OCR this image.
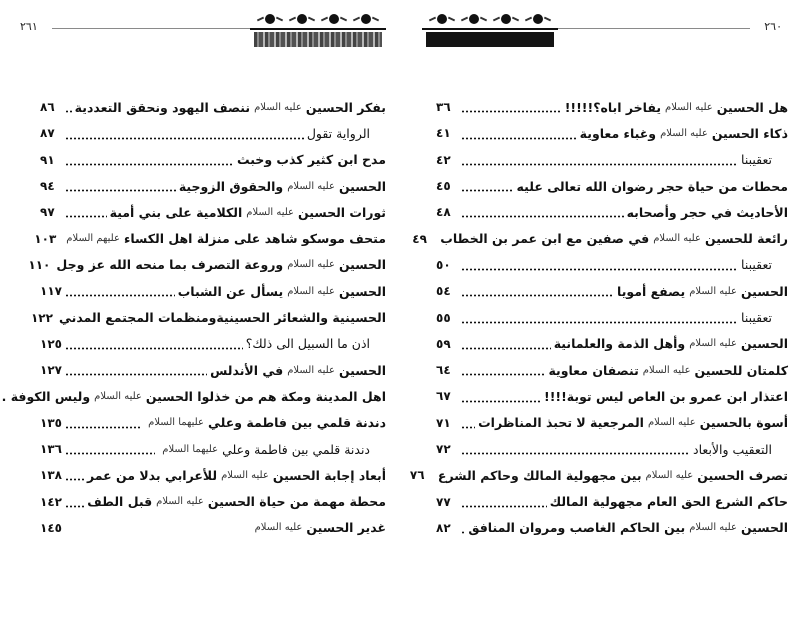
٢٦١
بفكر الحسينعليه السلامننصف اليهود ونحقق التعددية
٨٦
الرواية تقول
٨٧
مدح ابن كثير كذب وخبث
٩١
الحسينعليه السلاموالحقوق الزوجية
٩٤
ثورات الحسينعليه السلامالكلامية على بني أمية
٩٧
متحف موسكو شاهد على منزلة اهل الكساءعليهم السلام
١٠٣
الحسينعليه السلاموروعة التصرف بما منحه الله عز وجل
١١٠
الحسينعليه السلاميسأل عن الشباب
١١٧
الحسينية والشعائر الحسينيةومنظمات المجتمع المدني
١٢٢
اذن ما السبيل الى ذلك؟
١٢٥
الحسينعليه السلامفي الأندلس
١٢٧
اهل المدينة ومكة هم من خذلوا الحسينعليه السلاموليس الكوفة .
دندنة قلمي بين فاطمة وعليعليهما السلام
١٣٥
دندنة قلمي بين فاطمة وعليعليهما السلام
١٣٦
أبعاد إجابة الحسينعليه السلامللأعرابي بدلا من عمر
١٣٨
محطة مهمة من حياة الحسينعليه السلامقبل الطف
١٤٢
غدير الحسينعليه السلام
١٤٥
٢٦٠
هل الحسينعليه السلاميفاخر اباه؟!!!!!
٣٦
ذكاء الحسينعليه السلاموغباء معاوية
٤١
تعقيبنا
٤٢
محطات من حياة حجر رضوان الله تعالى عليه
٤٥
الأحاديث في حجر وأصحابه
٤٨
رائعة للحسينعليه السلامفي صفين مع ابن عمر بن الخطاب
٤٩
تعقيبنا
٥٠
الحسينعليه السلاميصفع أمويا
٥٤
تعقيبنا
٥٥
الحسينعليه السلاموأهل الذمة والعلمانية
٥٩
كلمتان للحسينعليه السلامتنصفان معاوية
٦٤
اعتذار ابن عمرو بن العاص ليس توبة!!!!
٦٧
أسوة بالحسينعليه السلامالمرجعية لا تحبذ المناظرات
٧١
التعقيب والأبعاد
٧٢
تصرف الحسينعليه السلامبين مجهولية المالك وحاكم الشرع
٧٦
حاكم الشرع الحق العام مجهولية المالك
٧٧
الحسينعليه السلامبين الحاكم الغاصب ومروان المنافق
٨٢
